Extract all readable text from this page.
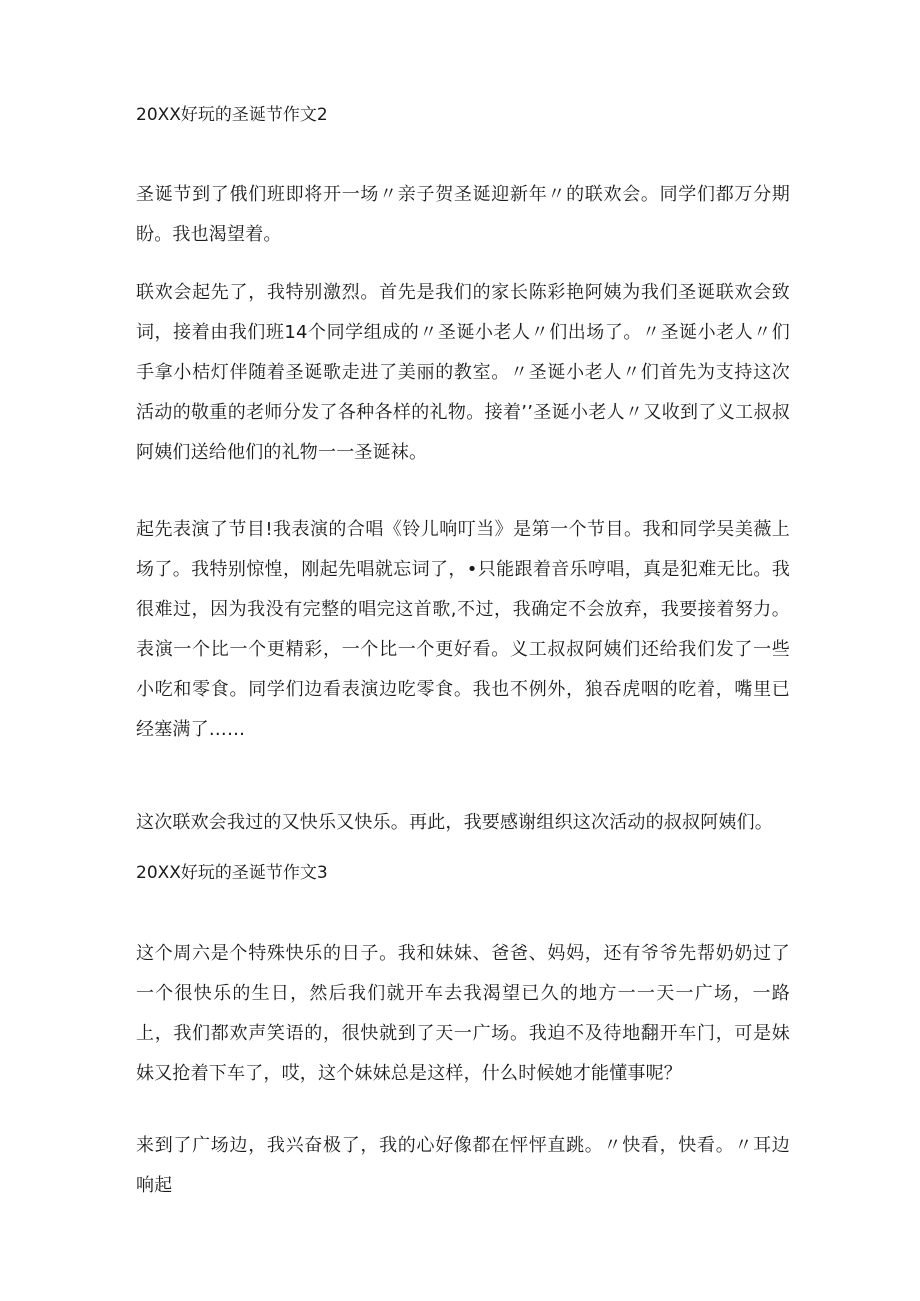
20XX好玩的圣诞节作文2
圣诞节到了俄们班即将开一场〃亲子贺圣诞迎新年〃的联欢会。同学们都万分期盼。我也渴望着。
联欢会起先了，我特别激烈。首先是我们的家长陈彩艳阿姨为我们圣诞联欢会致词，接着由我们班14个同学组成的〃圣诞小老人〃们出场了。〃圣诞小老人〃们手拿小桔灯伴随着圣诞歌走进了美丽的教室。〃圣诞小老人〃们首先为支持这次活动的敬重的老师分发了各种各样的礼物。接着’’圣诞小老人〃又收到了义工叔叔阿姨们送给他们的礼物一一圣诞袜。
起先表演了节目!我表演的合唱《铃儿响叮当》是第一个节目。我和同学吴美薇上场了。我特别惊惶，刚起先唱就忘词了，•只能跟着音乐哼唱，真是犯难无比。我很难过，因为我没有完整的唱完这首歌,不过，我确定不会放弃，我要接着努力。表演一个比一个更精彩，一个比一个更好看。义工叔叔阿姨们还给我们发了一些小吃和零食。同学们边看表演边吃零食。我也不例外，狼吞虎咽的吃着，嘴里已经塞满了……
这次联欢会我过的又快乐又快乐。再此，我要感谢组织这次活动的叔叔阿姨们。
20XX好玩的圣诞节作文3
这个周六是个特殊快乐的日子。我和妹妹、爸爸、妈妈，还有爷爷先帮奶奶过了一个很快乐的生日，然后我们就开车去我渴望已久的地方一一天一广场，一路上，我们都欢声笑语的，很快就到了天一广场。我迫不及待地翻开车门，可是妹妹又抢着下车了，哎，这个妹妹总是这样，什么时候她才能懂事呢？
来到了广场边，我兴奋极了，我的心好像都在怦怦直跳。〃快看，快看。〃耳边响起
